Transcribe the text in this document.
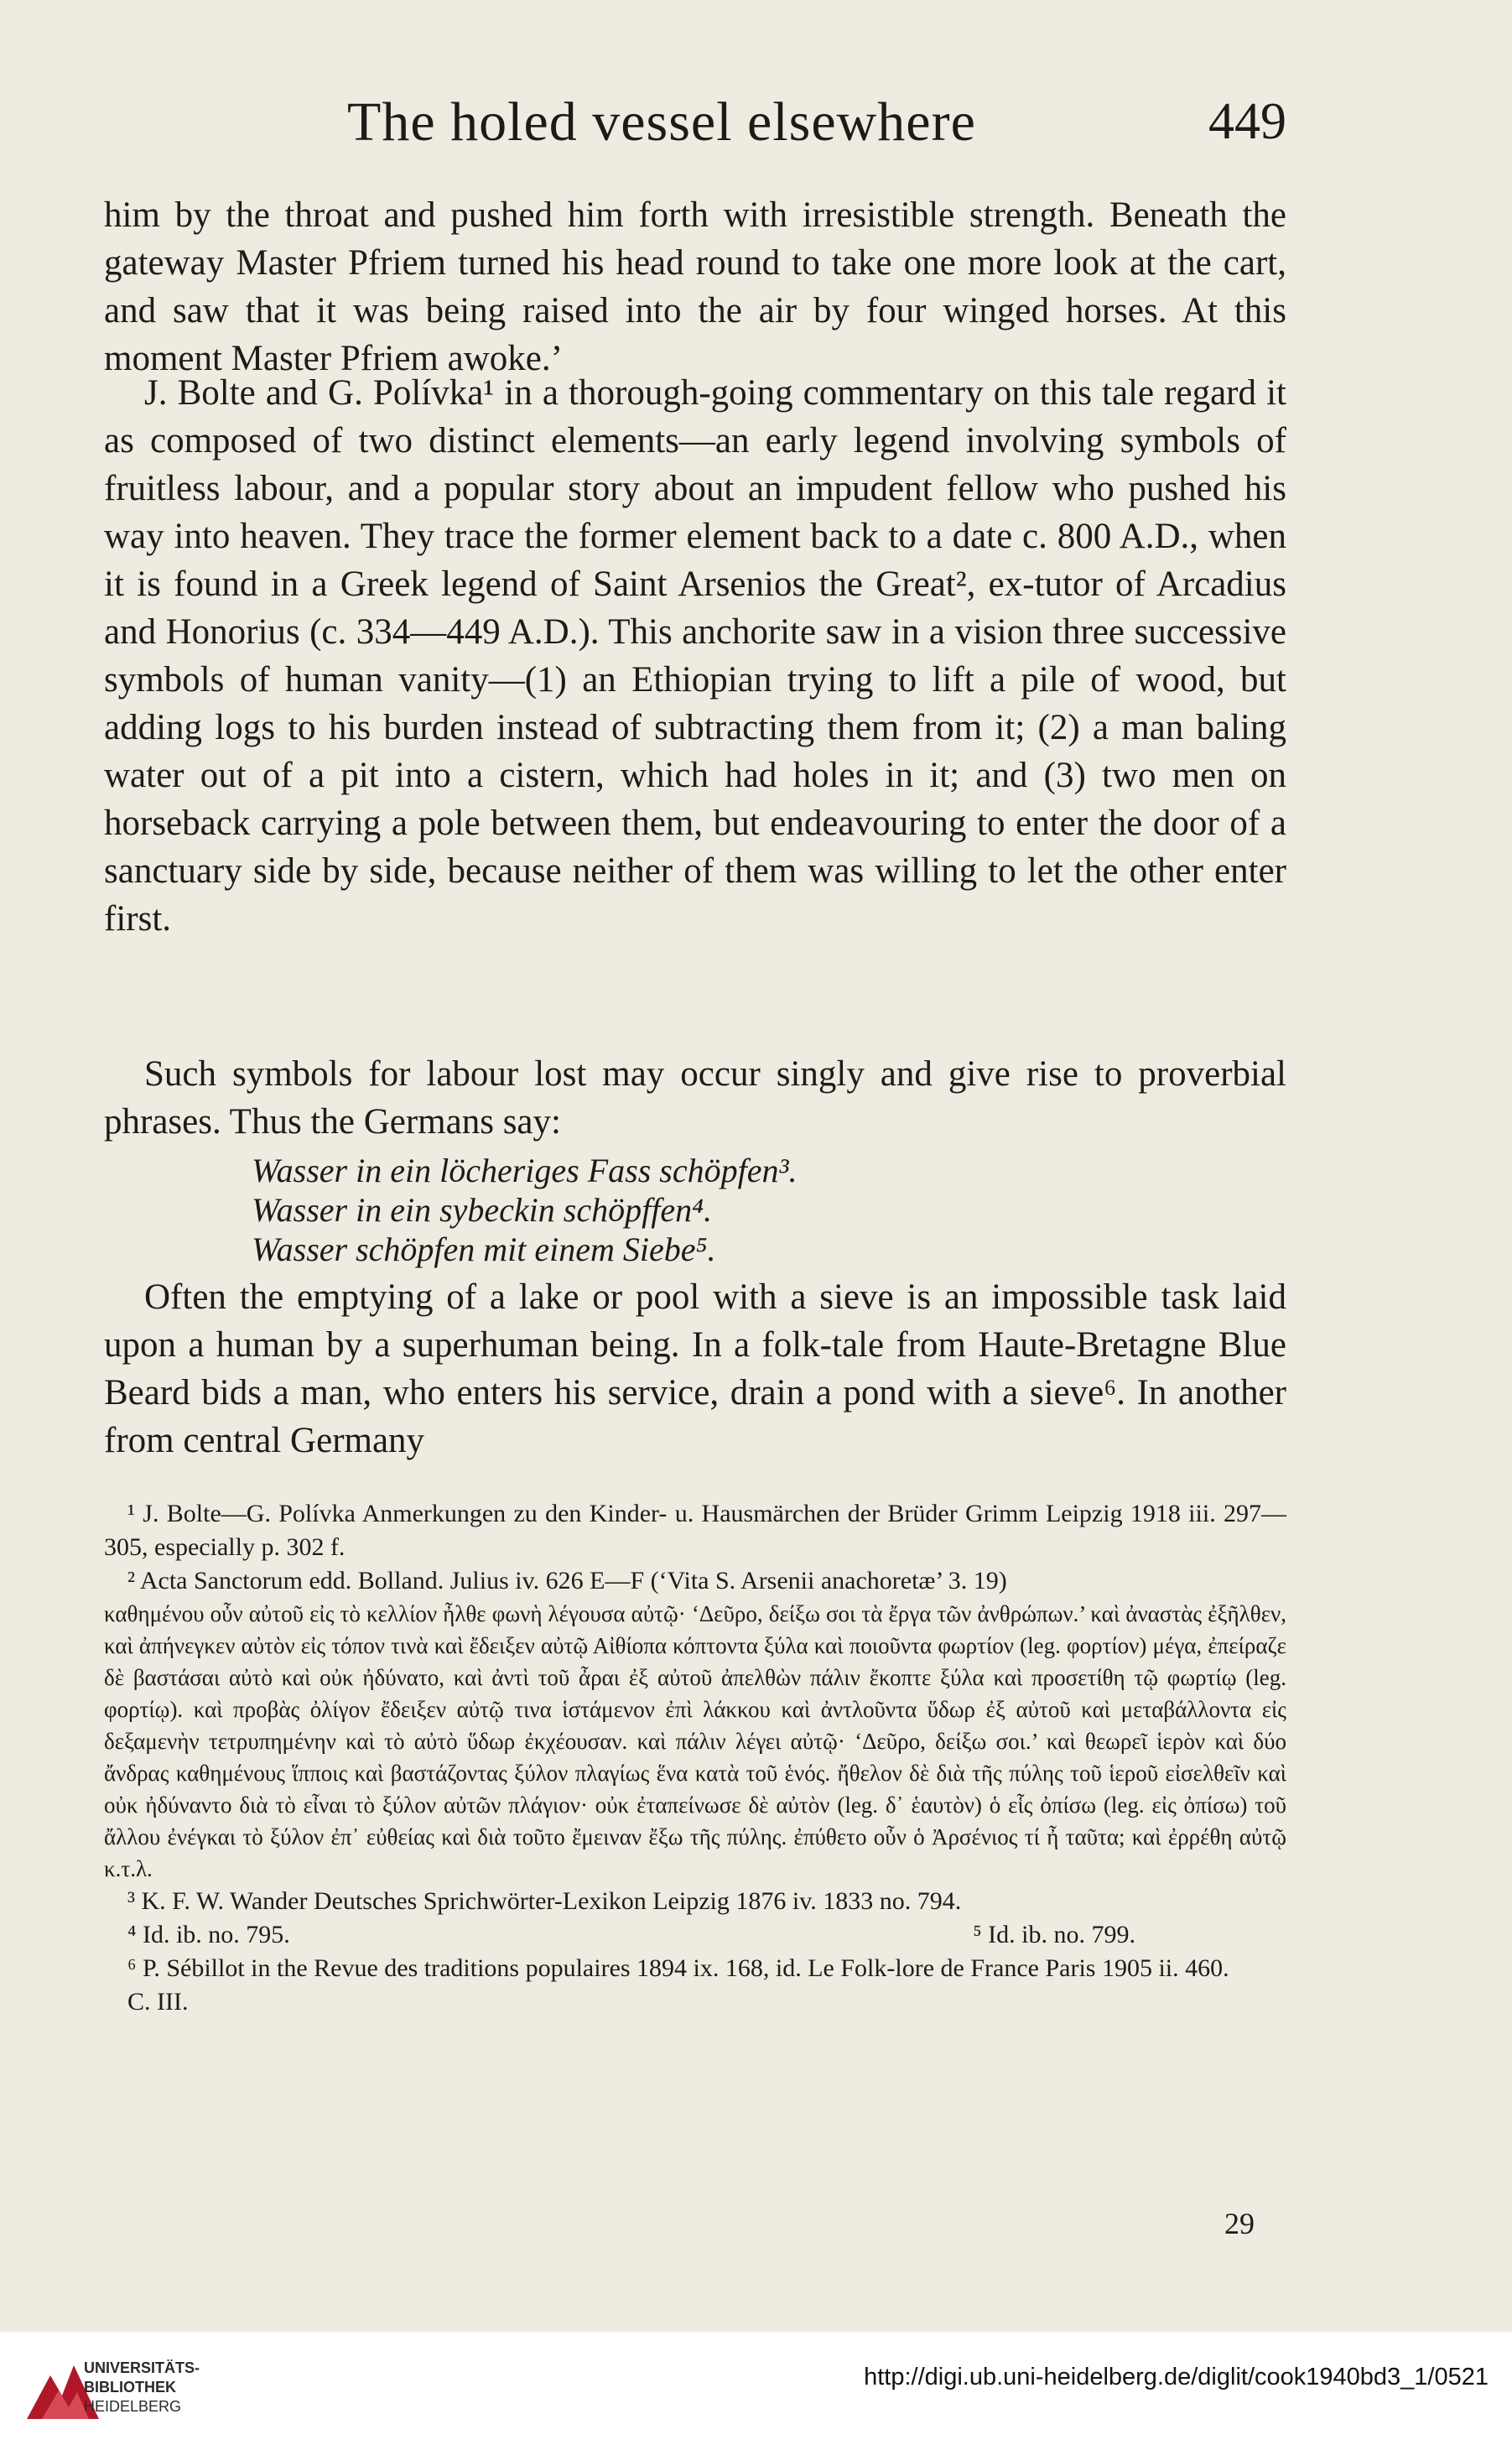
The holed vessel elsewhere	449

him by the throat and pushed him forth with irresistible strength. Beneath the gateway Master Pfriem turned his head round to take one more look at the cart, and saw that it was being raised into the air by four winged horses. At this moment Master Pfriem awoke.’

J. Bolte and G. Polívka¹ in a thorough-going commentary on this tale regard it as composed of two distinct elements—an early legend involving symbols of fruitless labour, and a popular story about an impudent fellow who pushed his way into heaven. They trace the former element back to a date c. 800 A.D., when it is found in a Greek legend of Saint Arsenios the Great², ex-tutor of Arcadius and Honorius (c. 334—449 A.D.). This anchorite saw in a vision three successive symbols of human vanity—(1) an Ethiopian trying to lift a pile of wood, but adding logs to his burden instead of subtracting them from it; (2) a man baling water out of a pit into a cistern, which had holes in it; and (3) two men on horseback carrying a pole between them, but endeavouring to enter the door of a sanctuary side by side, because neither of them was willing to let the other enter first.

Such symbols for labour lost may occur singly and give rise to proverbial phrases. Thus the Germans say:

Wasser in ein löcheriges Fass schöpfen³.
Wasser in ein sybeckin schöpffen⁴.
Wasser schöpfen mit einem Siebe⁵.

Often the emptying of a lake or pool with a sieve is an impossible task laid upon a human by a superhuman being. In a folk-tale from Haute-Bretagne Blue Beard bids a man, who enters his service, drain a pond with a sieve⁶. In another from central Germany

¹ J. Bolte—G. Polívka Anmerkungen zu den Kinder- u. Hausmärchen der Brüder Grimm Leipzig 1918 iii. 297—305, especially p. 302 f.

² Acta Sanctorum edd. Bolland. Julius iv. 626 E—F (‘Vita S. Arsenii anachoretæ’ 3. 19)

καθημένου οὖν αὐτοῦ εἰς τὸ κελλίον ἦλθε φωνὴ λέγουσα αὐτῷ· ‘Δεῦρο, δείξω σοι τὰ ἔργα τῶν ἀνθρώπων.’ καὶ ἀναστὰς ἐξῆλθεν, καὶ ἀπήνεγκεν αὐτὸν εἰς τόπον τινὰ καὶ ἔδειξεν αὐτῷ Αἰθίοπα κόπτοντα ξύλα καὶ ποιοῦντα φωρτίον (leg. φορτίον) μέγα, ἐπείραζε δὲ βαστάσαι αὐτὸ καὶ οὐκ ἠδύνατο, καὶ ἀντὶ τοῦ ἆραι ἐξ αὐτοῦ ἀπελθὼν πάλιν ἔκοπτε ξύλα καὶ προσετίθη τῷ φωρτίῳ (leg. φορτίῳ). καὶ προβὰς ὀλίγον ἔδειξεν αὐτῷ τινα ἱστάμενον ἐπὶ λάκκου καὶ ἀντλοῦντα ὕδωρ ἐξ αὐτοῦ καὶ μεταβάλλοντα εἰς δεξαμενὴν τετρυπημένην καὶ τὸ αὐτὸ ὕδωρ ἐκχέουσαν. καὶ πάλιν λέγει αὐτῷ· ‘Δεῦρο, δείξω σοι.’ καὶ θεωρεῖ ἱερὸν καὶ δύο ἄνδρας καθημένους ἵπποις καὶ βαστάζοντας ξύλον πλαγίως ἕνα κατὰ τοῦ ἑνός. ἤθελον δὲ διὰ τῆς πύλης τοῦ ἱεροῦ εἰσελθεῖν καὶ οὐκ ἠδύναντο διὰ τὸ εἶναι τὸ ξύλον αὐτῶν πλάγιον· οὐκ ἐταπείνωσε δὲ αὐτὸν (leg. δ᾽ ἑαυτὸν) ὁ εἷς ὀπίσω (leg. εἰς ὀπίσω) τοῦ ἄλλου ἐνέγκαι τὸ ξύλον ἐπ᾽ εὐθείας καὶ διὰ τοῦτο ἔμειναν ἔξω τῆς πύλης. ἐπύθετο οὖν ὁ Ἀρσένιος τί ἦ ταῦτα; καὶ ἐρρέθη αὐτῷ κ.τ.λ.

³ K. F. W. Wander Deutsches Sprichwörter-Lexikon Leipzig 1876 iv. 1833 no. 794.

⁴ Id. ib. no. 795.	⁵ Id. ib. no. 799.

⁶ P. Sébillot in the Revue des traditions populaires 1894 ix. 168, id. Le Folk-lore de France Paris 1905 ii. 460.

C. III.

29
UNIVERSITÄTS-
BIBLIOTHEK
HEIDELBERG
http://digi.ub.uni-heidelberg.de/diglit/cook1940bd3_1/0521
